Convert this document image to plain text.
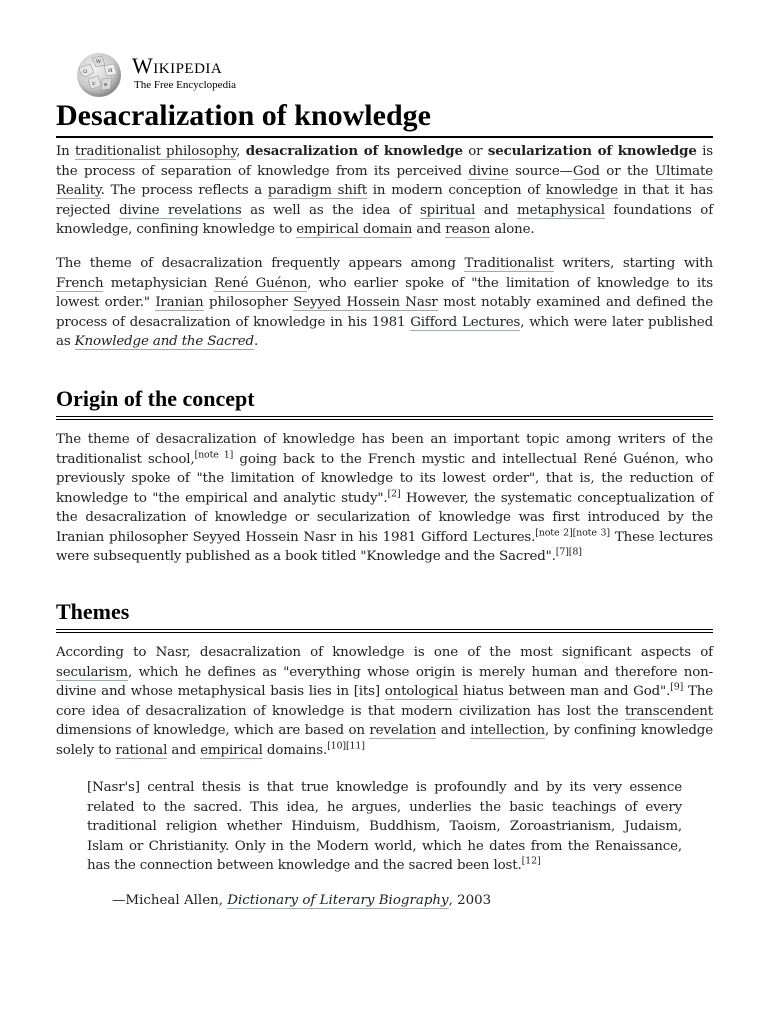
Ω
W
И
ש ค
Wikipedia
The Free Encyclopedia
Desacralization of knowledge

In traditionalist philosophy, desacralization of knowledge or secularization of knowledge is the process of separation of knowledge from its perceived divine source—God or the Ultimate Reality. The process reflects a paradigm shift in modern conception of knowledge in that it has rejected divine revelations as well as the idea of spiritual and metaphysical foundations of knowledge, confining knowledge to empirical domain and reason alone.

The theme of desacralization frequently appears among Traditionalist writers, starting with French metaphysician René Guénon, who earlier spoke of "the limitation of knowledge to its lowest order." Iranian philosopher Seyyed Hossein Nasr most notably examined and defined the process of desacralization of knowledge in his 1981 Gifford Lectures, which were later published as Knowledge and the Sacred.

Origin of the concept

The theme of desacralization of knowledge has been an important topic among writers of the traditionalist school,[note 1] going back to the French mystic and intellectual René Guénon, who previously spoke of "the limitation of knowledge to its lowest order", that is, the reduction of knowledge to "the empirical and analytic study".[2] However, the systematic conceptualization of the desacralization of knowledge or secularization of knowledge was first introduced by the Iranian philosopher Seyyed Hossein Nasr in his 1981 Gifford Lectures.[note 2][note 3] These lectures were subsequently published as a book titled "Knowledge and the Sacred".[7][8]

Themes

According to Nasr, desacralization of knowledge is one of the most significant aspects of secularism, which he defines as "everything whose origin is merely human and therefore non-divine and whose metaphysical basis lies in [its] ontological hiatus between man and God".[9] The core idea of desacralization of knowledge is that modern civilization has lost the transcendent dimensions of knowledge, which are based on revelation and intellection, by confining knowledge solely to rational and empirical domains.[10][11]

[Nasr's] central thesis is that true knowledge is profoundly and by its very essence related to the sacred. This idea, he argues, underlies the basic teachings of every traditional religion whether Hinduism, Buddhism, Taoism, Zoroastrianism, Judaism, Islam or Christianity. Only in the Modern world, which he dates from the Renaissance, has the connection between knowledge and the sacred been lost.[12]

—Micheal Allen, Dictionary of Literary Biography, 2003
